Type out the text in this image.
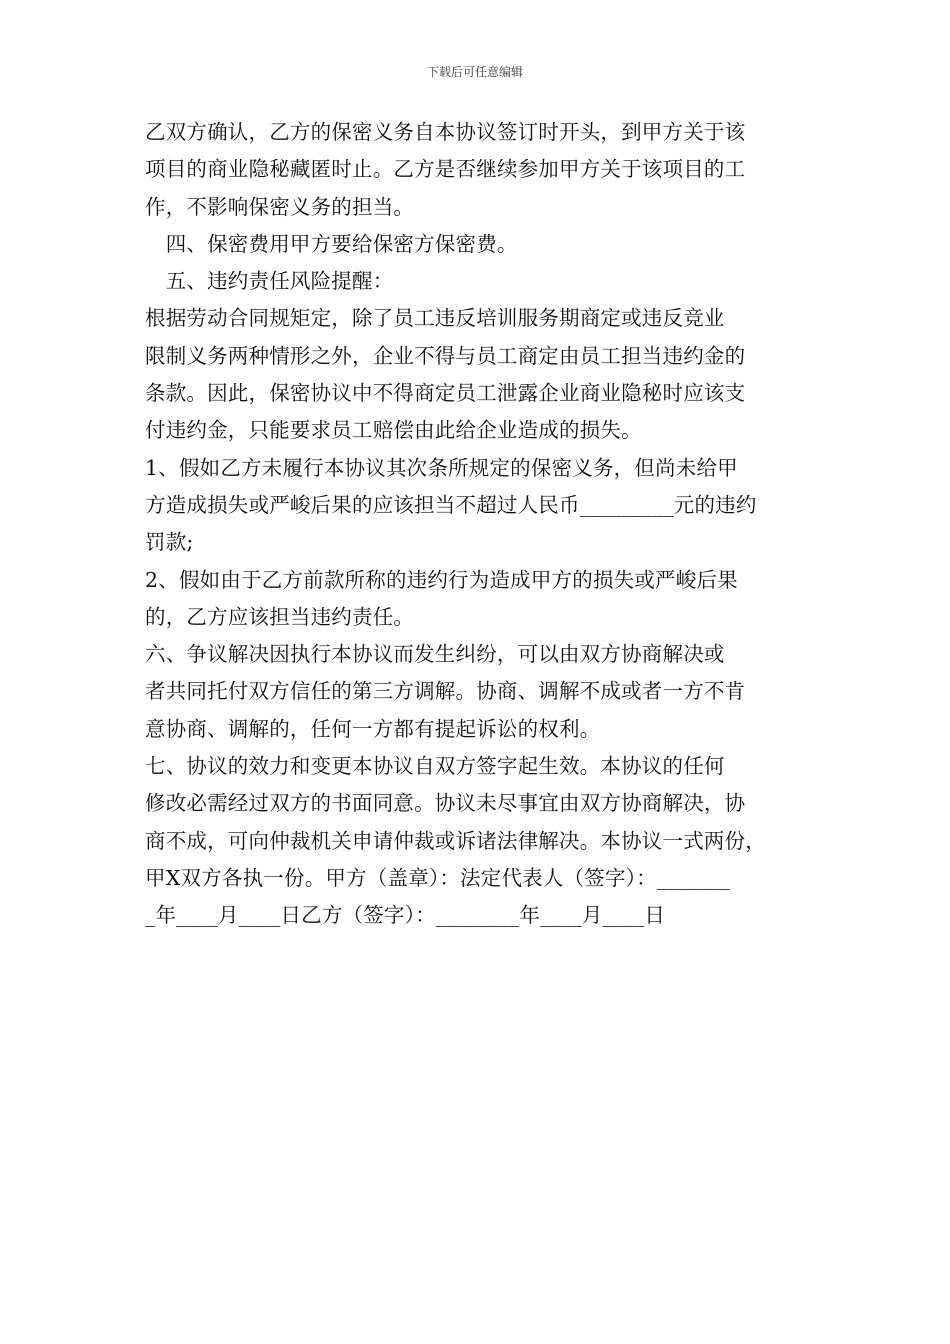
下载后可任意编辑
乙双方确认，乙方的保密义务自本协议签订时开头，到甲方关于该
项目的商业隐秘藏匿时止。乙方是否继续参加甲方关于该项目的工
作，不影响保密义务的担当。
　四、保密费用甲方要给保密方保密费。
　五、违约责任风险提醒：
根据劳动合同规矩定，除了员工违反培训服务期商定或违反竞业
限制义务两种情形之外，企业不得与员工商定由员工担当违约金的
条款。因此，保密协议中不得商定员工泄露企业商业隐秘时应该支
付违约金，只能要求员工赔偿由此给企业造成的损失。
1、假如乙方未履行本协议其次条所规定的保密义务，但尚未给甲
方造成损失或严峻后果的应该担当不超过人民币_________元的违约
罚款;
2、假如由于乙方前款所称的违约行为造成甲方的损失或严峻后果
的，乙方应该担当违约责任。
六、争议解决因执行本协议而发生纠纷，可以由双方协商解决或
者共同托付双方信任的第三方调解。协商、调解不成或者一方不肯
意协商、调解的，任何一方都有提起诉讼的权利。
七、协议的效力和变更本协议自双方签字起生效。本协议的任何
修改必需经过双方的书面同意。协议未尽事宜由双方协商解决，协
商不成，可向仲裁机关申请仲裁或诉诸法律解决。本协议一式两份，
甲X双方各执一份。甲方（盖章）：法定代表人（签字）：_______
_年____月____日乙方（签字）：________年____月____日
